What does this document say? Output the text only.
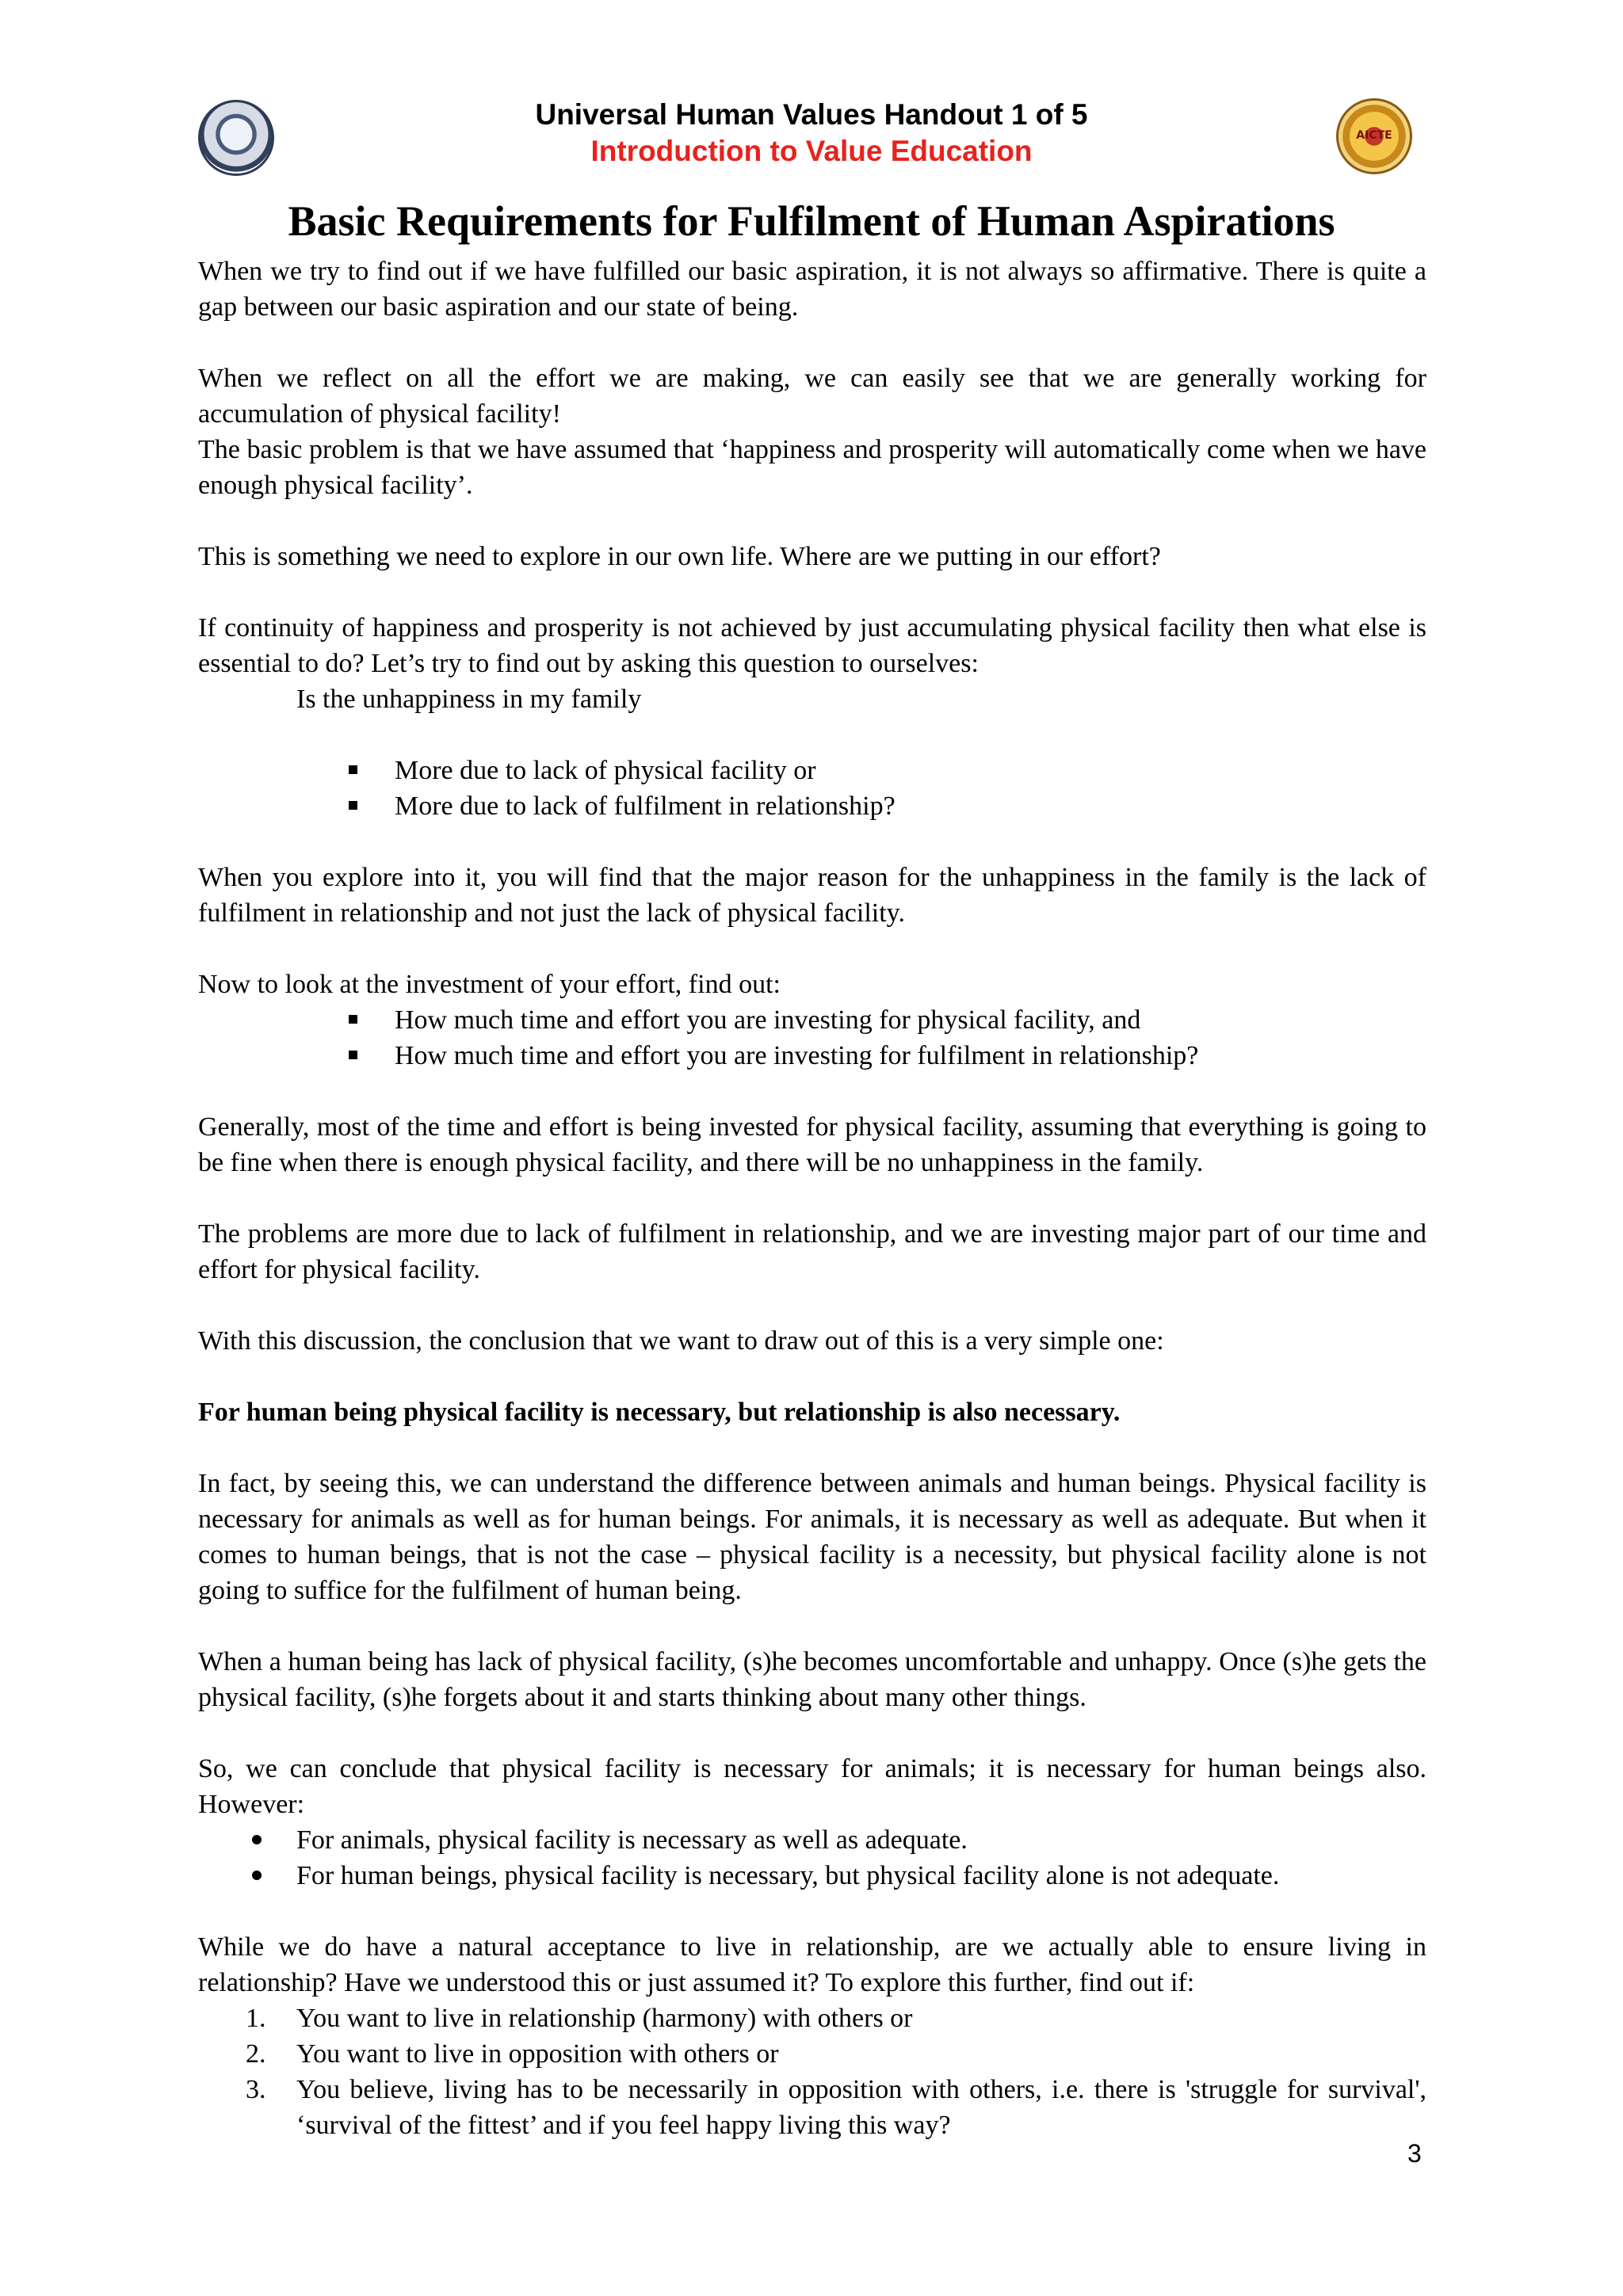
AICTE
Universal Human Values Handout 1 of 5
Introduction to Value Education
Basic Requirements for Fulfilment of Human Aspirations

When we try to find out if we have fulfilled our basic aspiration, it is not always so affirmative. There is quite a gap between our basic aspiration and our state of being.

When we reflect on all the effort we are making, we can easily see that we are generally working for accumulation of physical facility!

The basic problem is that we have assumed that ‘happiness and prosperity will automatically come when we have enough physical facility’.

This is something we need to explore in our own life. Where are we putting in our effort?

If continuity of happiness and prosperity is not achieved by just accumulating physical facility then what else is essential to do? Let’s try to find out by asking this question to ourselves:

Is the unhappiness in my family

More due to lack of physical facility or
More due to lack of fulfilment in relationship?

When you explore into it, you will find that the major reason for the unhappiness in the family is the lack of fulfilment in relationship and not just the lack of physical facility.

Now to look at the investment of your effort, find out:

How much time and effort you are investing for physical facility, and
How much time and effort you are investing for fulfilment in relationship?

Generally, most of the time and effort is being invested for physical facility, assuming that everything is going to be fine when there is enough physical facility, and there will be no unhappiness in the family.

The problems are more due to lack of fulfilment in relationship, and we are investing major part of our time and effort for physical facility.

With this discussion, the conclusion that we want to draw out of this is a very simple one:

For human being physical facility is necessary, but relationship is also necessary.

In fact, by seeing this, we can understand the difference between animals and human beings. Physical facility is necessary for animals as well as for human beings. For animals, it is necessary as well as adequate. But when it comes to human beings, that is not the case – physical facility is a necessity, but physical facility alone is not going to suffice for the fulfilment of human being.

When a human being has lack of physical facility, (s)he becomes uncomfortable and unhappy. Once (s)he gets the physical facility, (s)he forgets about it and starts thinking about many other things.

So, we can conclude that physical facility is necessary for animals; it is necessary for human beings also. However:

For animals, physical facility is necessary as well as adequate.
For human beings, physical facility is necessary, but physical facility alone is not adequate.

While we do have a natural acceptance to live in relationship, are we actually able to ensure living in relationship? Have we understood this or just assumed it? To explore this further, find out if:

1. You want to live in relationship (harmony) with others or
2. You want to live in opposition with others or
3. You believe, living has to be necessarily in opposition with others, i.e. there is 'struggle for survival', ‘survival of the fittest’ and if you feel happy living this way?
3
